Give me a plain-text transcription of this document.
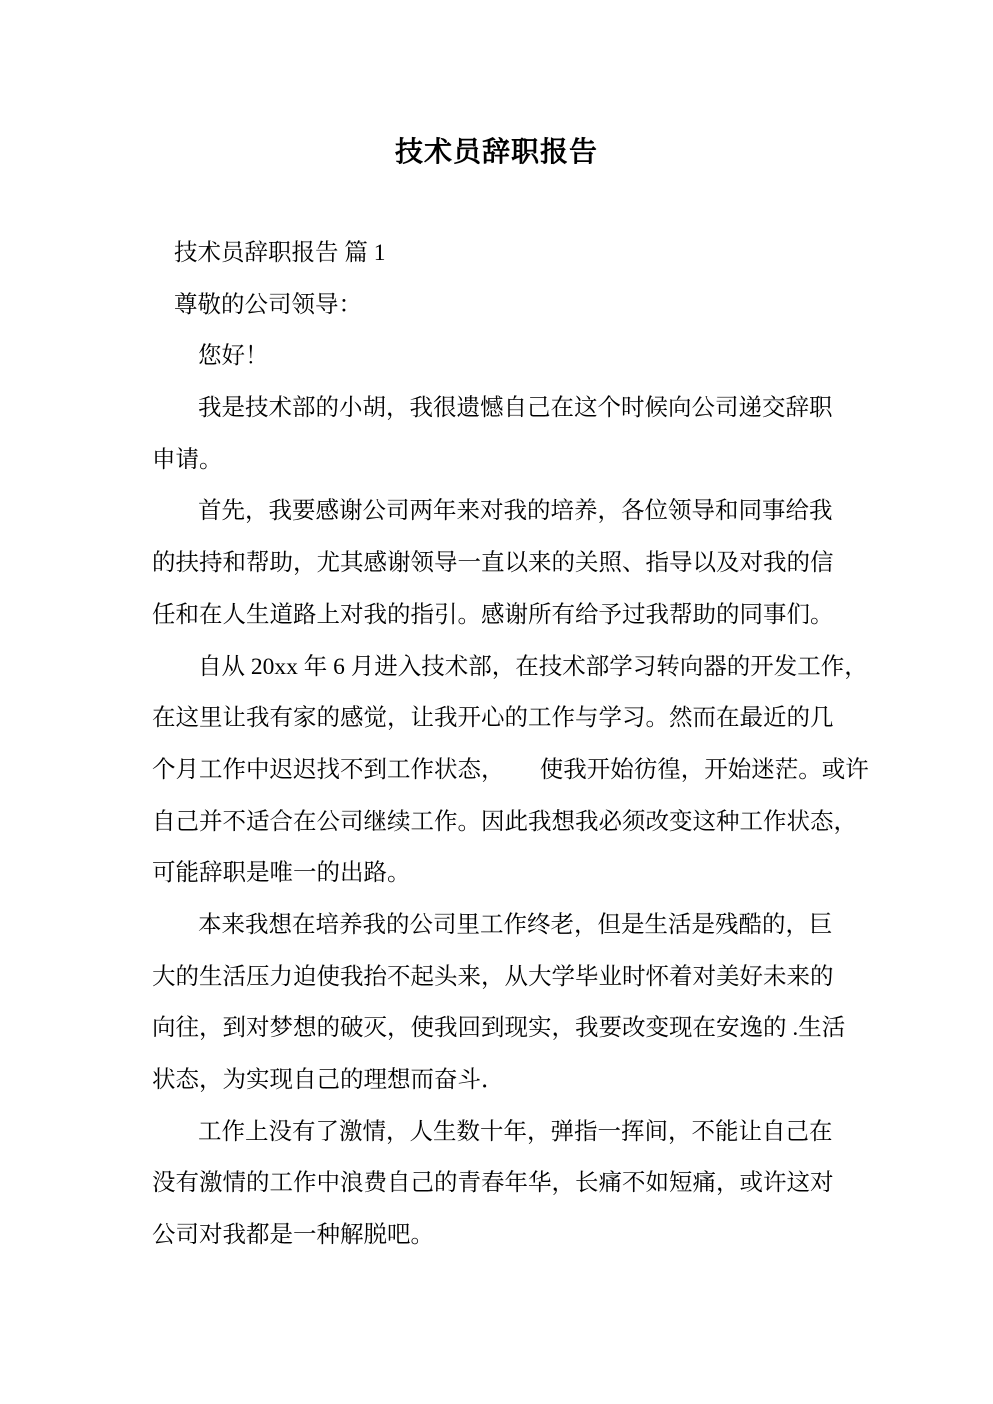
技术员辞职报告
技术员辞职报告 篇 1
尊敬的公司领导：
您好！
我是技术部的小胡，我很遗憾自己在这个时候向公司递交辞职
申请。
首先，我要感谢公司两年来对我的培养，各位领导和同事给我
的扶持和帮助，尤其感谢领导一直以来的关照、指导以及对我的信
任和在人生道路上对我的指引。感谢所有给予过我帮助的同事们。
自从 20xx 年 6 月进入技术部，在技术部学习转向器的开发工作，
在这里让我有家的感觉，让我开心的工作与学习。然而在最近的几
个月工作中迟迟找不到工作状态，　　使我开始彷徨，开始迷茫。或许
自己并不适合在公司继续工作。因此我想我必须改变这种工作状态，
可能辞职是唯一的出路。
本来我想在培养我的公司里工作终老，但是生活是残酷的，巨
大的生活压力迫使我抬不起头来，从大学毕业时怀着对美好未来的
向往，到对梦想的破灭，使我回到现实，我要改变现在安逸的 .生活
状态，为实现自己的理想而奋斗．
工作上没有了激情，人生数十年，弹指一挥间，不能让自己在
没有激情的工作中浪费自己的青春年华，长痛不如短痛，或许这对
公司对我都是一种解脱吧。
